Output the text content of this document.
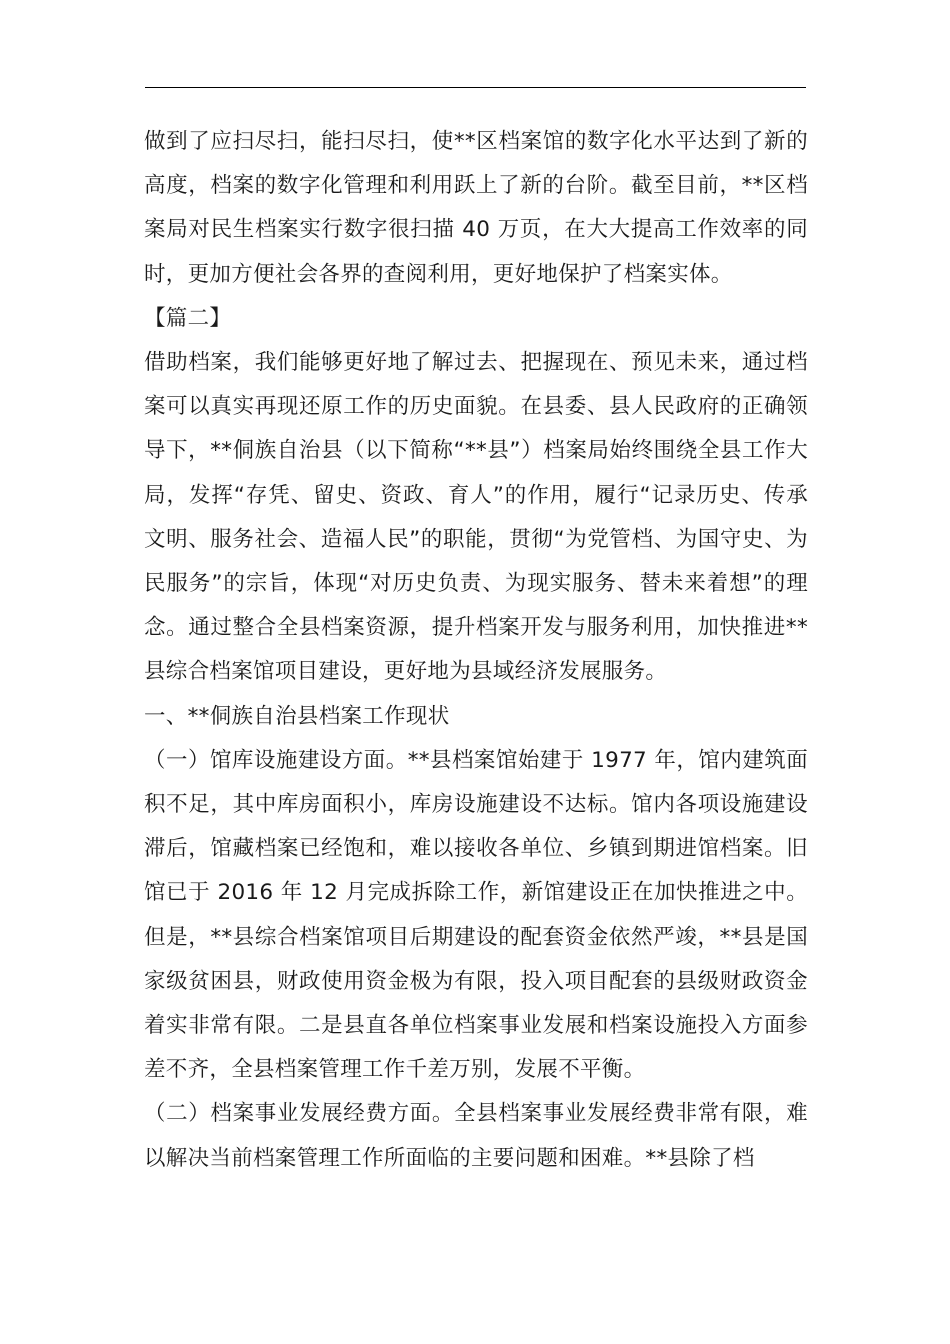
做到了应扫尽扫，能扫尽扫，使**区档案馆的数字化水平达到了新的高度，档案的数字化管理和利用跃上了新的台阶。截至目前，**区档案局对民生档案实行数字很扫描 40 万页，在大大提高工作效率的同时，更加方便社会各界的查阅利用，更好地保护了档案实体。

【篇二】

借助档案，我们能够更好地了解过去、把握现在、预见未来，通过档案可以真实再现还原工作的历史面貌。在县委、县人民政府的正确领导下，**侗族自治县（以下简称“**县”）档案局始终围绕全县工作大局，发挥“存凭、留史、资政、育人”的作用，履行“记录历史、传承文明、服务社会、造福人民”的职能，贯彻“为党管档、为国守史、为民服务”的宗旨，体现“对历史负责、为现实服务、替未来着想”的理念。通过整合全县档案资源，提升档案开发与服务利用，加快推进**县综合档案馆项目建设，更好地为县域经济发展服务。

一、**侗族自治县档案工作现状

（一）馆库设施建设方面。**县档案馆始建于 1977 年，馆内建筑面积不足，其中库房面积小，库房设施建设不达标。馆内各项设施建设滞后，馆藏档案已经饱和，难以接收各单位、乡镇到期进馆档案。旧馆已于 2016 年 12 月完成拆除工作，新馆建设正在加快推进之中。但是，**县综合档案馆项目后期建设的配套资金依然严竣，**县是国家级贫困县，财政使用资金极为有限，投入项目配套的县级财政资金着实非常有限。二是县直各单位档案事业发展和档案设施投入方面参差不齐，全县档案管理工作千差万别，发展不平衡。

（二）档案事业发展经费方面。全县档案事业发展经费非常有限，难以解决当前档案管理工作所面临的主要问题和困难。**县除了档
